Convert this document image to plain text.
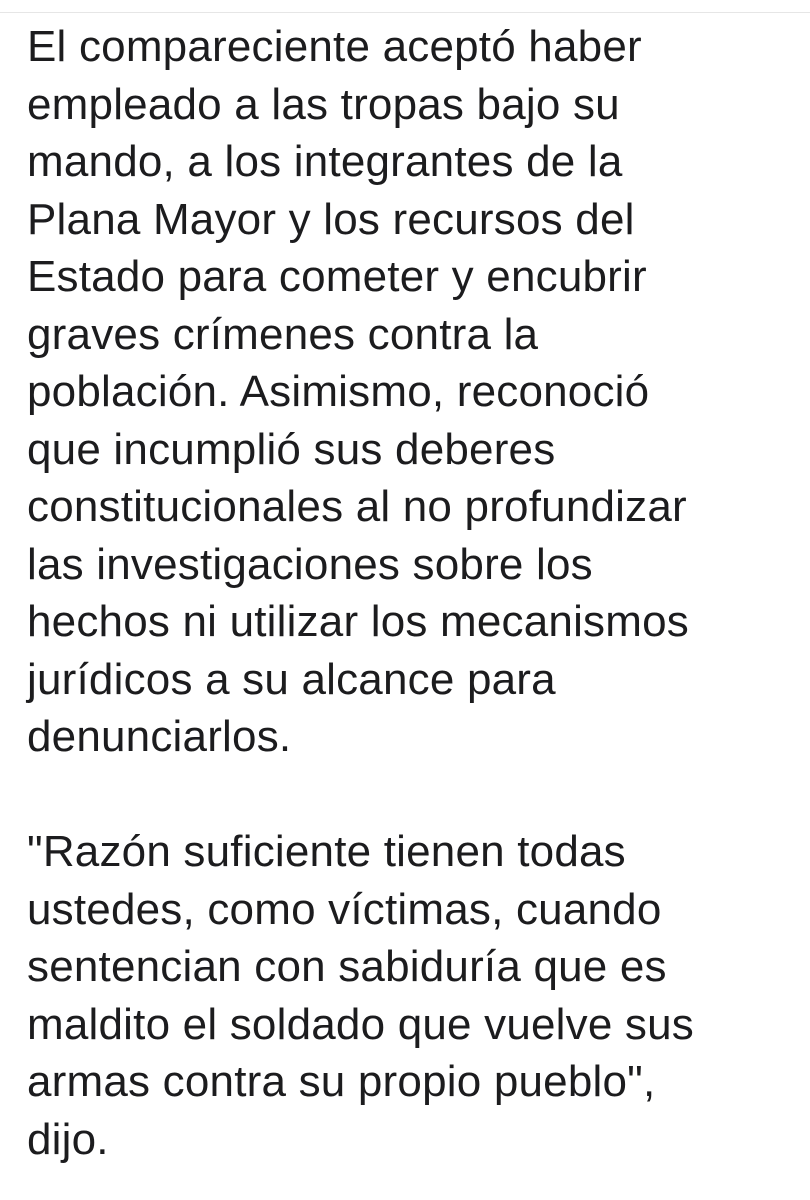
El compareciente aceptó haber
empleado a las tropas bajo su
mando, a los integrantes de la
Plana Mayor y los recursos del
Estado para cometer y encubrir
graves crímenes contra la
población. Asimismo, reconoció
que incumplió sus deberes
constitucionales al no profundizar
las investigaciones sobre los
hechos ni utilizar los mecanismos
jurídicos a su alcance para
denunciarlos.

"Razón suficiente tienen todas
ustedes, como víctimas, cuando
sentencian con sabiduría que es
maldito el soldado que vuelve sus
armas contra su propio pueblo",
dijo.
